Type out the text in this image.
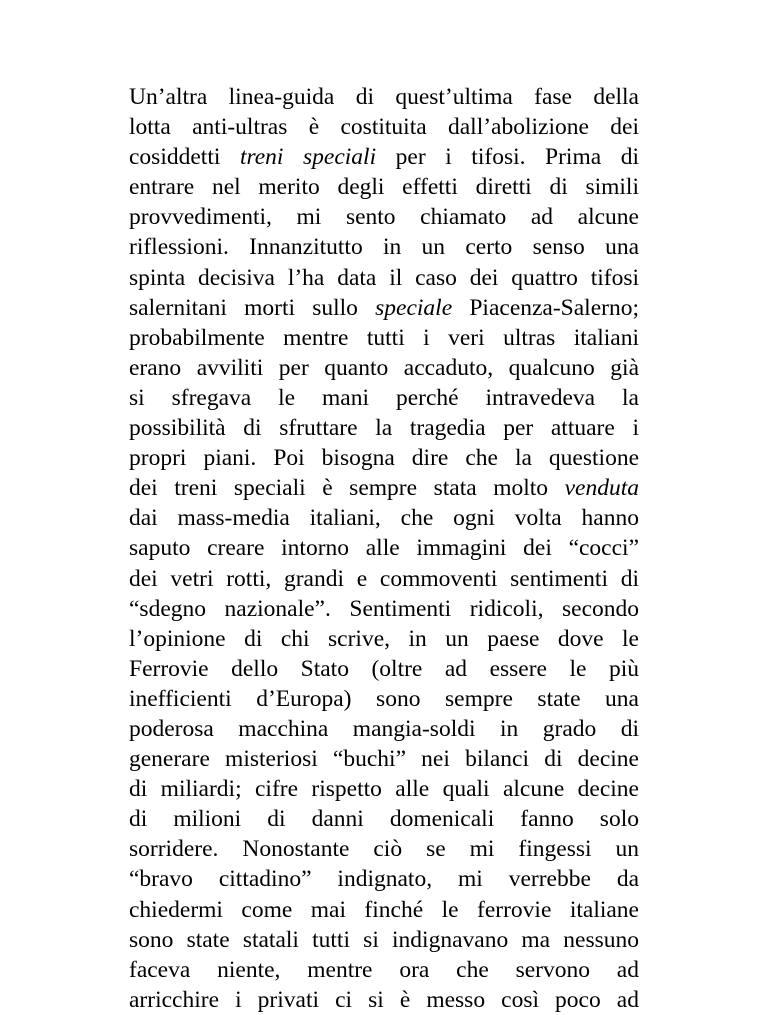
Un’altra linea-guida di quest’ultima fase della
lotta anti-ultras è costituita dall’abolizione dei
cosiddetti treni speciali per i tifosi. Prima di
entrare nel merito degli effetti diretti di simili
provvedimenti, mi sento chiamato ad alcune
riflessioni. Innanzitutto in un certo senso una
spinta decisiva l’ha data il caso dei quattro tifosi
salernitani morti sullo speciale Piacenza-Salerno;
probabilmente mentre tutti i veri ultras italiani
erano avviliti per quanto accaduto, qualcuno già
si sfregava le mani perché intravedeva la
possibilità di sfruttare la tragedia per attuare i
propri piani. Poi bisogna dire che la questione
dei treni speciali è sempre stata molto venduta
dai mass-media italiani, che ogni volta hanno
saputo creare intorno alle immagini dei “cocci”
dei vetri rotti, grandi e commoventi sentimenti di
“sdegno nazionale”. Sentimenti ridicoli, secondo
l’opinione di chi scrive, in un paese dove le
Ferrovie dello Stato (oltre ad essere le più
inefficienti d’Europa) sono sempre state una
poderosa macchina mangia-soldi in grado di
generare misteriosi “buchi” nei bilanci di decine
di miliardi; cifre rispetto alle quali alcune decine
di milioni di danni domenicali fanno solo
sorridere. Nonostante ciò se mi fingessi un
“bravo cittadino” indignato, mi verrebbe da
chiedermi come mai finché le ferrovie italiane
sono state statali tutti si indignavano ma nessuno
faceva niente, mentre ora che servono ad
arricchire i privati ci si è messo così poco ad
